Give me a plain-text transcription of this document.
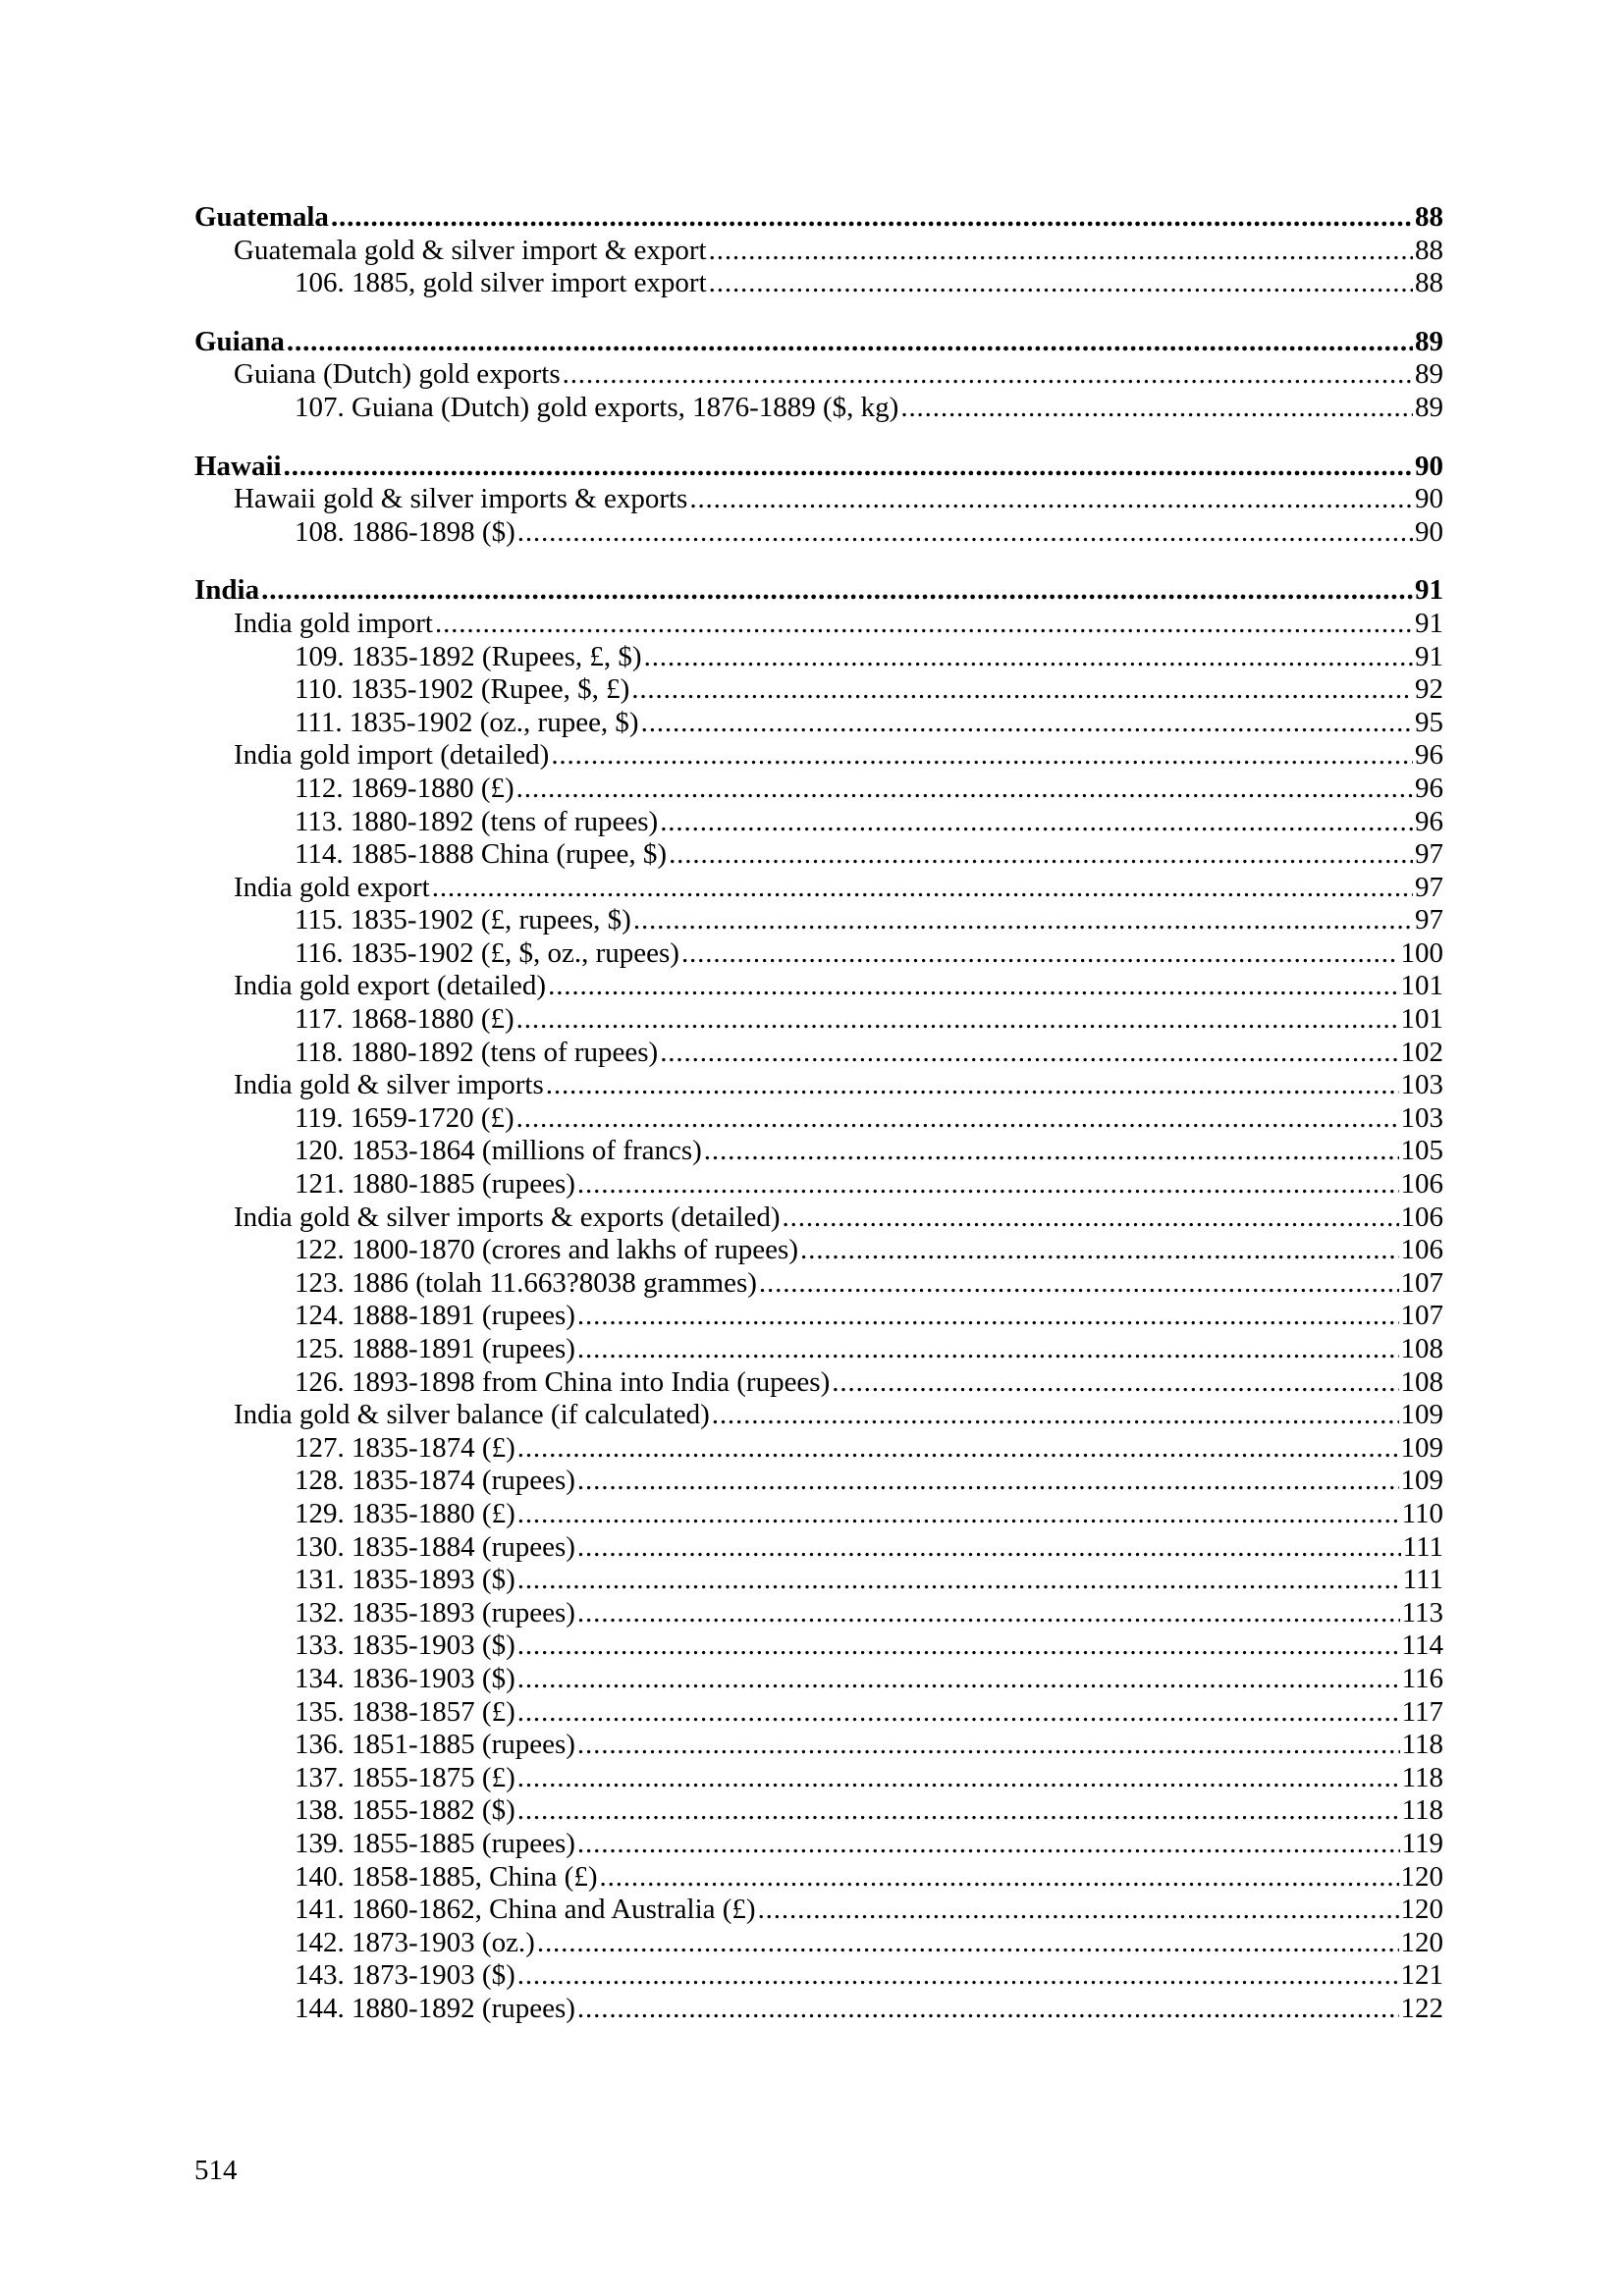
Guatemala . . .	88
Guatemala gold & silver import & export . . .	88
106. 1885, gold silver import export . . .	88
Guiana . . .	89
Guiana (Dutch) gold exports . . .	89
107. Guiana (Dutch) gold exports, 1876-1889 ($, kg) . . .	89
Hawaii . . .	90
Hawaii gold & silver imports & exports . . .	90
108. 1886-1898 ($) . . .	90
India . . .	91
India gold import . . .	91
109. 1835-1892 (Rupees, £, $) . . .	91
110. 1835-1902 (Rupee, $, £) . . .	92
111. 1835-1902 (oz., rupee, $) . . .	95
India gold import (detailed) . . .	96
112. 1869-1880 (£) . . .	96
113. 1880-1892 (tens of rupees) . . .	96
114. 1885-1888 China (rupee, $) . . .	97
India gold export . . .	97
115. 1835-1902 (£, rupees, $) . . .	97
116. 1835-1902 (£, $, oz., rupees) . . .	100
India gold export (detailed) . . .	101
117. 1868-1880 (£) . . .	101
118. 1880-1892 (tens of rupees) . . .	102
India gold & silver imports . . .	103
119. 1659-1720 (£) . . .	103
120. 1853-1864 (millions of francs) . . .	105
121. 1880-1885 (rupees) . . .	106
India gold & silver imports & exports (detailed) . . .	106
122. 1800-1870 (crores and lakhs of rupees) . . .	106
123. 1886 (tolah 11.663?8038 grammes) . . .	107
124. 1888-1891 (rupees) . . .	107
125. 1888-1891 (rupees) . . .	108
126. 1893-1898 from China into India (rupees) . . .	108
India gold & silver balance (if calculated) . . .	109
127. 1835-1874 (£) . . .	109
128. 1835-1874 (rupees) . . .	109
129. 1835-1880 (£) . . .	110
130. 1835-1884 (rupees) . . .	111
131. 1835-1893 ($) . . .	111
132. 1835-1893 (rupees) . . .	113
133. 1835-1903 ($) . . .	114
134. 1836-1903 ($) . . .	116
135. 1838-1857 (£) . . .	117
136. 1851-1885 (rupees) . . .	118
137. 1855-1875 (£) . . .	118
138. 1855-1882 ($) . . .	118
139. 1855-1885 (rupees) . . .	119
140. 1858-1885, China (£) . . .	120
141. 1860-1862, China and Australia (£) . . .	120
142. 1873-1903 (oz.) . . .	120
143. 1873-1903 ($) . . .	121
144. 1880-1892 (rupees) . . .	122
514
